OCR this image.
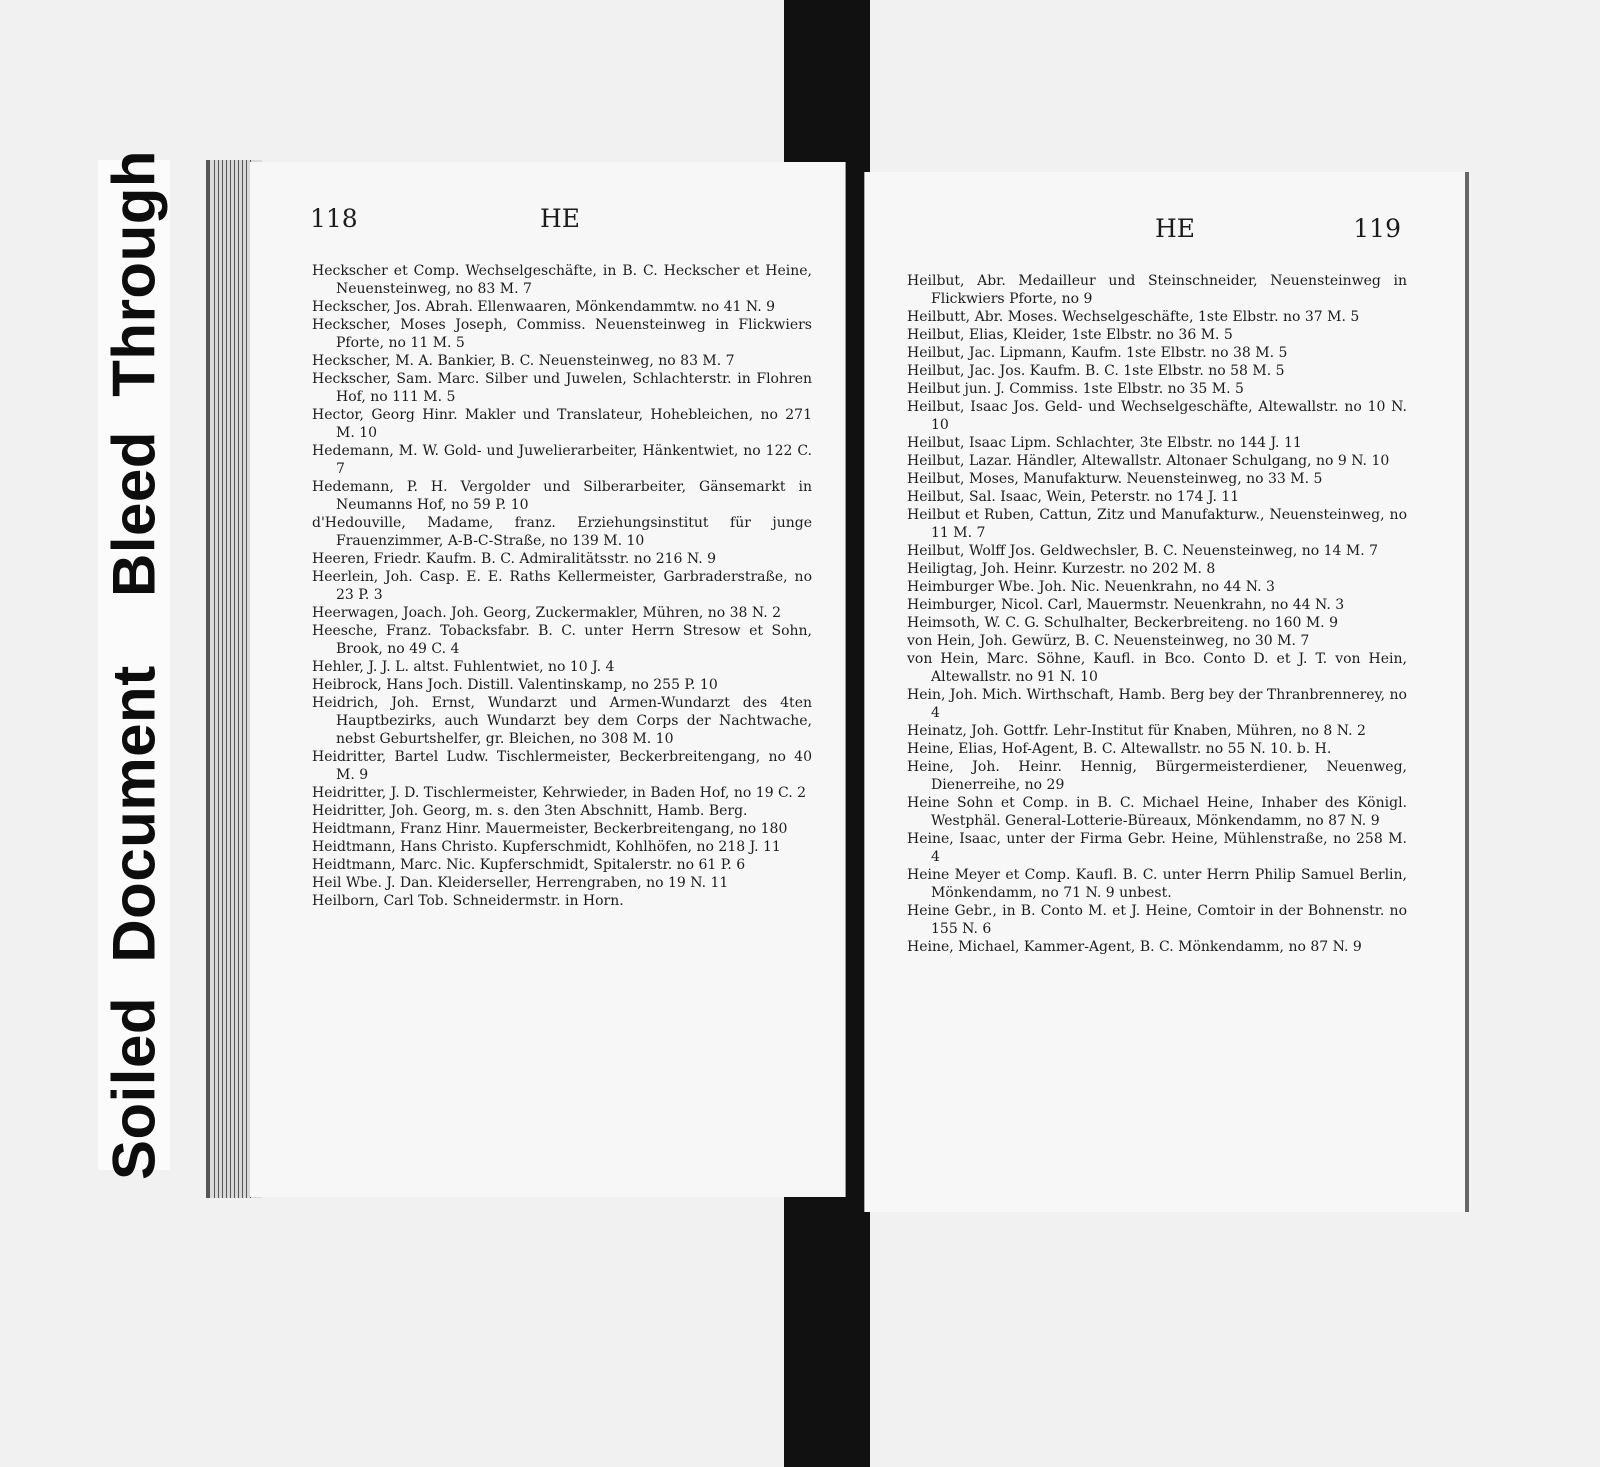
Soiled  Document  Bleed  Through	118	HE

Heckscher et Comp. Wechselgeschäfte, in B. C. Heckscher et Heine, Neuensteinweg, no 83 M. 7

Heckscher, Jos. Abrah. Ellenwaaren, Mönkendammtw. no 41 N. 9

Heckscher, Moses Joseph, Commiss. Neuensteinweg in Flickwiers Pforte, no 11 M. 5

Heckscher, M. A. Bankier, B. C. Neuensteinweg, no 83 M. 7

Heckscher, Sam. Marc. Silber und Juwelen, Schlachterstr. in Flohren Hof, no 111 M. 5

Hector, Georg Hinr. Makler und Translateur, Hohebleichen, no 271 M. 10

Hedemann, M. W. Gold- und Juwelierarbeiter, Hänkentwiet, no 122 C. 7

Hedemann, P. H. Vergolder und Silberarbeiter, Gänsemarkt in Neumanns Hof, no 59 P. 10

d'Hedouville, Madame, franz. Erziehungsinstitut für junge Frauenzimmer, A-B-C-Straße, no 139 M. 10

Heeren, Friedr. Kaufm. B. C. Admiralitätsstr. no 216 N. 9

Heerlein, Joh. Casp. E. E. Raths Kellermeister, Garbraderstraße, no 23 P. 3

Heerwagen, Joach. Joh. Georg, Zuckermakler, Mühren, no 38 N. 2

Heesche, Franz. Tobacksfabr. B. C. unter Herrn Stresow et Sohn, Brook, no 49 C. 4

Hehler, J. J. L. altst. Fuhlentwiet, no 10 J. 4

Heibrock, Hans Joch. Distill. Valentinskamp, no 255 P. 10

Heidrich, Joh. Ernst, Wundarzt und Armen-Wundarzt des 4ten Hauptbezirks, auch Wundarzt bey dem Corps der Nachtwache, nebst Geburtshelfer, gr. Bleichen, no 308 M. 10

Heidritter, Bartel Ludw. Tischlermeister, Beckerbreitengang, no 40 M. 9

Heidritter, J. D. Tischlermeister, Kehrwieder, in Baden Hof, no 19 C. 2

Heidritter, Joh. Georg, m. s. den 3ten Abschnitt, Hamb. Berg.

Heidtmann, Franz Hinr. Mauermeister, Beckerbreitengang, no 180

Heidtmann, Hans Christo. Kupferschmidt, Kohlhöfen, no 218 J. 11

Heidtmann, Marc. Nic. Kupferschmidt, Spitalerstr. no 61 P. 6

Heil Wbe. J. Dan. Kleiderseller, Herrengraben, no 19 N. 11

Heilborn, Carl Tob. Schneidermstr. in Horn.

HE	119

Heilbut, Abr. Medailleur und Steinschneider, Neuensteinweg in Flickwiers Pforte, no 9

Heilbutt, Abr. Moses. Wechselgeschäfte, 1ste Elbstr. no 37 M. 5

Heilbut, Elias, Kleider, 1ste Elbstr. no 36 M. 5

Heilbut, Jac. Lipmann, Kaufm. 1ste Elbstr. no 38 M. 5

Heilbut, Jac. Jos. Kaufm. B. C. 1ste Elbstr. no 58 M. 5

Heilbut jun. J. Commiss. 1ste Elbstr. no 35 M. 5

Heilbut, Isaac Jos. Geld- und Wechselgeschäfte, Altewallstr. no 10 N. 10

Heilbut, Isaac Lipm. Schlachter, 3te Elbstr. no 144 J. 11

Heilbut, Lazar. Händler, Altewallstr. Altonaer Schulgang, no 9 N. 10

Heilbut, Moses, Manufakturw. Neuensteinweg, no 33 M. 5

Heilbut, Sal. Isaac, Wein, Peterstr. no 174 J. 11

Heilbut et Ruben, Cattun, Zitz und Manufakturw., Neuensteinweg, no 11 M. 7

Heilbut, Wolff Jos. Geldwechsler, B. C. Neuensteinweg, no 14 M. 7

Heiligtag, Joh. Heinr. Kurzestr. no 202 M. 8

Heimburger Wbe. Joh. Nic. Neuenkrahn, no 44 N. 3

Heimburger, Nicol. Carl, Mauermstr. Neuenkrahn, no 44 N. 3

Heimsoth, W. C. G. Schulhalter, Beckerbreiteng. no 160 M. 9

von Hein, Joh. Gewürz, B. C. Neuensteinweg, no 30 M. 7

von Hein, Marc. Söhne, Kaufl. in Bco. Conto D. et J. T. von Hein, Altewallstr. no 91 N. 10

Hein, Joh. Mich. Wirthschaft, Hamb. Berg bey der Thranbrennerey, no 4

Heinatz, Joh. Gottfr. Lehr-Institut für Knaben, Mühren, no 8 N. 2

Heine, Elias, Hof-Agent, B. C. Altewallstr. no 55 N. 10. b. H.

Heine, Joh. Heinr. Hennig, Bürgermeisterdiener, Neuenweg, Dienerreihe, no 29

Heine Sohn et Comp. in B. C. Michael Heine, Inhaber des Königl. Westphäl. General-Lotterie-Büreaux, Mönkendamm, no 87 N. 9

Heine, Isaac, unter der Firma Gebr. Heine, Mühlenstraße, no 258 M. 4

Heine Meyer et Comp. Kaufl. B. C. unter Herrn Philip Samuel Berlin, Mönkendamm, no 71 N. 9 unbest.

Heine Gebr., in B. Conto M. et J. Heine, Comtoir in der Bohnenstr. no 155 N. 6

Heine, Michael, Kammer-Agent, B. C. Mönkendamm, no 87 N. 9
